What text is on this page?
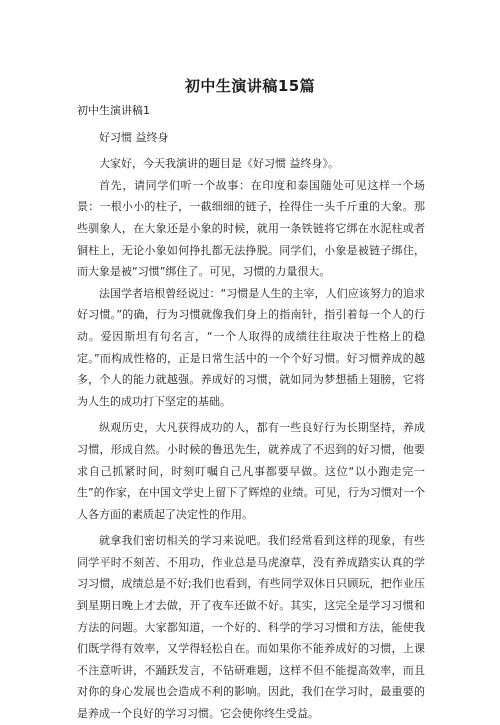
初中生演讲稿15篇

初中生演讲稿1

好习惯 益终身

大家好，今天我演讲的题目是《好习惯 益终身》。

首先，请同学们听一个故事：在印度和泰国随处可见这样一个场景：一根小小的柱子，一截细细的链子，拴得住一头千斤重的大象。那些驯象人，在大象还是小象的时候，就用一条铁链将它绑在水泥柱或者铜柱上，无论小象如何挣扎都无法挣脱。同学们，小象是被链子绑住，而大象是被“习惯”绑住了。可见，习惯的力量很大。

法国学者培根曾经说过：“习惯是人生的主宰，人们应该努力的追求好习惯。”的确，行为习惯就像我们身上的指南针，指引着每一个人的行动。爱因斯坦有句名言，“一个人取得的成绩往往取决于性格上的稳定。”而构成性格的，正是日常生活中的一个个好习惯。好习惯养成的越多，个人的能力就越强。养成好的习惯，就如同为梦想插上翅膀，它将为人生的成功打下坚定的基础。

纵观历史，大凡获得成功的人，都有一些良好行为长期坚持，养成习惯，形成自然。小时候的鲁迅先生，就养成了不迟到的好习惯，他要求自己抓紧时间，时刻叮嘱自己凡事都要早做。这位“以小跑走完一生”的作家，在中国文学史上留下了辉煌的业绩。可见，行为习惯对一个人各方面的素质起了决定性的作用。

就拿我们密切相关的学习来说吧。我们经常看到这样的现象，有些同学平时不刻苦、不用功，作业总是马虎潦草，没有养成踏实认真的学习习惯，成绩总是不好;我们也看到，有些同学双休日只顾玩，把作业压到星期日晚上才去做，开了夜车还做不好。其实，这完全是学习习惯和方法的问题。大家都知道，一个好的、科学的学习习惯和方法，能使我们既学得有效率，又学得轻松自在。而如果你不能养成好的习惯，上课不注意听讲，不踊跃发言，不钻研难题，这样不但不能提高效率，而且对你的身心发展也会造成不利的影响。因此，我们在学习时，最重要的是养成一个良好的学习习惯。它会使你终生受益。
